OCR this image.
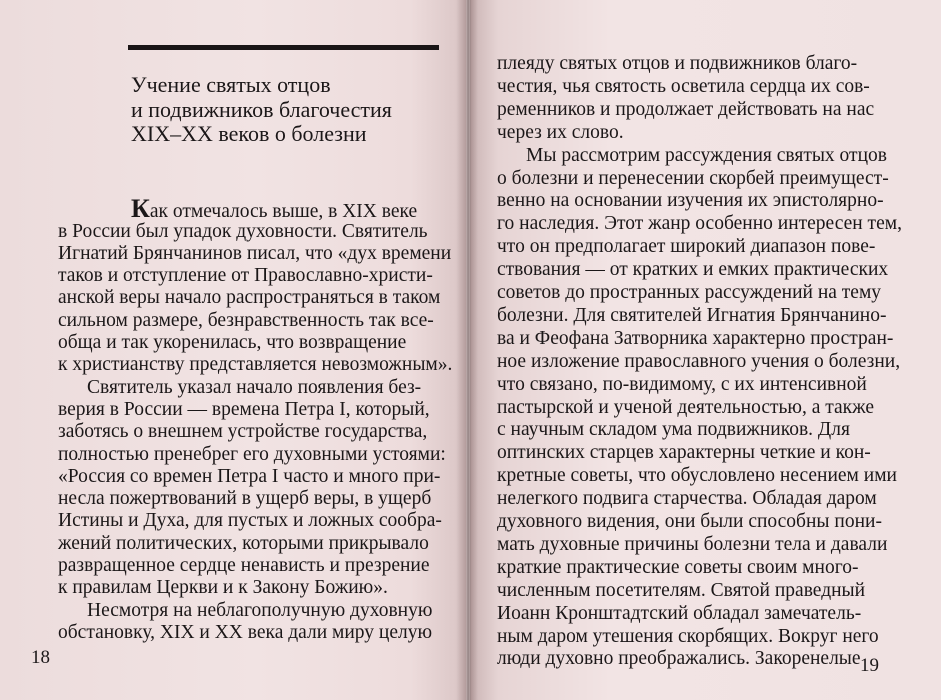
Учение святых отцов
и подвижников благочестия
XIX–XX веков о болезни
Как отмечалось выше, в XIX веке
в России был упадок духовности. Святитель
Игнатий Брянчанинов писал, что «дух времени
таков и отступление от Православно-христи-
анской веры начало распространяться в таком
сильном размере, безнравственность так все-
обща и так укоренилась, что возвращение
к христианству представляется невозможным».
Святитель указал начало появления без-
верия в России — времена Петра I, который,
заботясь о внешнем устройстве государства,
полностью пренебрег его духовными устоями:
«Россия со времен Петра I часто и много при-
несла пожертвований в ущерб веры, в ущерб
Истины и Духа, для пустых и ложных сообра-
жений политических, которыми прикрывало
развращенное сердце ненависть и презрение
к правилам Церкви и к Закону Божию».
Несмотря на неблагополучную духовную
обстановку, XIX и XX века дали миру целую
плеяду святых отцов и подвижников благо-
честия, чья святость осветила сердца их сов-
ременников и продолжает действовать на нас
через их слово.
Мы рассмотрим рассуждения святых отцов
о болезни и перенесении скорбей преимущест-
венно на основании изучения их эпистолярно-
го наследия. Этот жанр особенно интересен тем,
что он предполагает широкий диапазон пове-
ствования — от кратких и емких практических
советов до пространных рассуждений на тему
болезни. Для святителей Игнатия Брянчанино-
ва и Феофана Затворника характерно простран-
ное изложение православного учения о болезни,
что связано, по-видимому, с их интенсивной
пастырской и ученой деятельностью, а также
с научным складом ума подвижников. Для
оптинских старцев характерны четкие и кон-
кретные советы, что обусловлено несением ими
нелегкого подвига старчества. Обладая даром
духовного видения, они были способны пони-
мать духовные причины болезни тела и давали
краткие практические советы своим много-
численным посетителям. Святой праведный
Иоанн Кронштадтский обладал замечатель-
ным даром утешения скорбящих. Вокруг него
люди духовно преображались. Закоренелые
18	19
